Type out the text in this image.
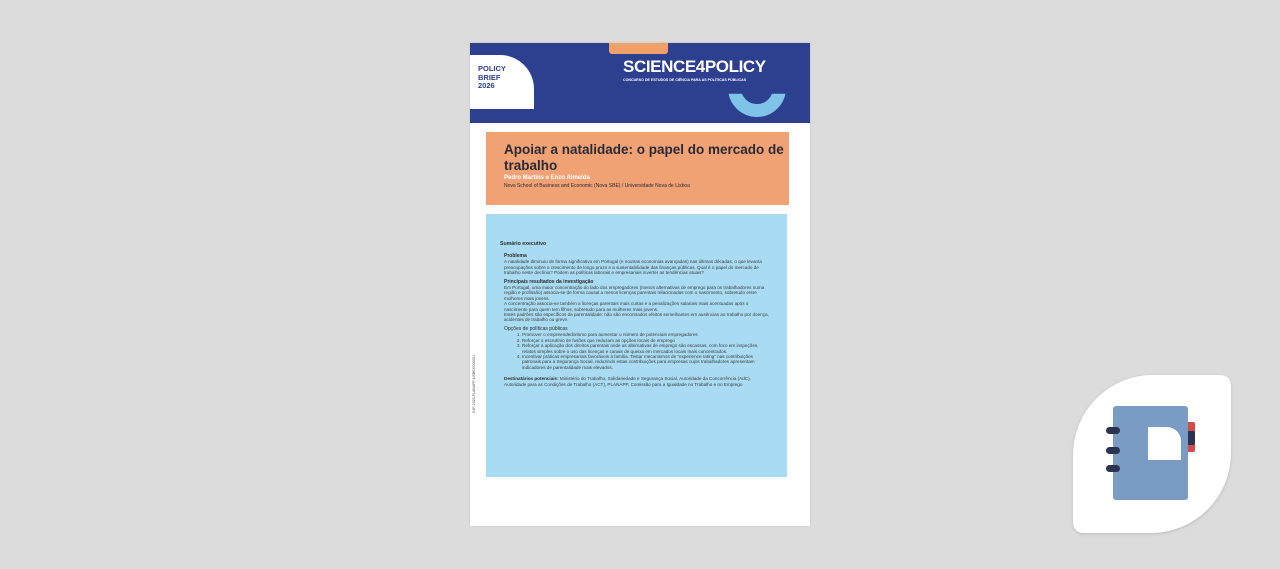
POLICY
BRIEF
2026
SCIENCE4POLICY
CONCURSO DE ESTUDOS DE CIÊNCIA PARA AS POLÍTICAS PÚBLICAS
Apoiar a natalidade: o papel do mercado de trabalho
Pedro Martins e Enzo Almeida
Nova School of Business and Economic (Nova SBE) / Universidade Nova de Lisboa
Sumário executivo
Problema

A natalidade diminuiu de forma significativa em Portugal (e noutras economias avançadas) nas últimas décadas, o que levanta preocupações sobre o crescimento de longo prazo e a sustentabilidade das finanças públicas. Qual é o papel do mercado de trabalho neste declínio? Podem as políticas laborais e empresariais inverter as tendências atuais?

Principais resultados da investigação

Em Portugal, uma maior concentração do lado dos empregadores (menos alternativas de emprego para os trabalhadores numa região e profissão) associa-se de forma causal a menos licenças parentais relacionadas com o nascimento, sobretudo entre mulheres mais jovens.

A concentração associa-se também a licenças parentais mais curtas e a penalizações salariais mais acentuadas após o nascimento para quem tem filhos, sobretudo para as mulheres mais jovens.

Estes padrões são específicos da parentalidade: não são encontrados efeitos semelhantes em ausências ao trabalho por doença, acidentes de trabalho ou greve.

Opções de políticas públicas
1. Promover o empreendedorismo para aumentar o número de potenciais empregadores
2. Reforçar o escrutínio de fusões que reduzam as opções locais de emprego
3. Reforçar a aplicação dos direitos parentais onde as alternativas de emprego são escassas, com foco em inspeções, relatos simples sobre o uso das licenças e canais de queixa em mercados locais mais concentrados.
4. Incentivar práticas empresariais favoráveis à família. Testar mecanismos de "experience rating" nas contribuições patronais para a Segurança Social, reduzindo estas contribuições para empresas cujos trabalhadores apresentam indicadores de parentalidade mais elevados.
Destinatários potenciais: Ministério do Trabalho, Solidariedade e Segurança Social, Autoridade da Concorrência (AdC), Autoridade para as Condições de Trabalho (ACT), PLANAPP, Comissão para a Igualdade no Trabalho e no Emprego
S4P-2026-PLANAPP-NSBE/0000001
